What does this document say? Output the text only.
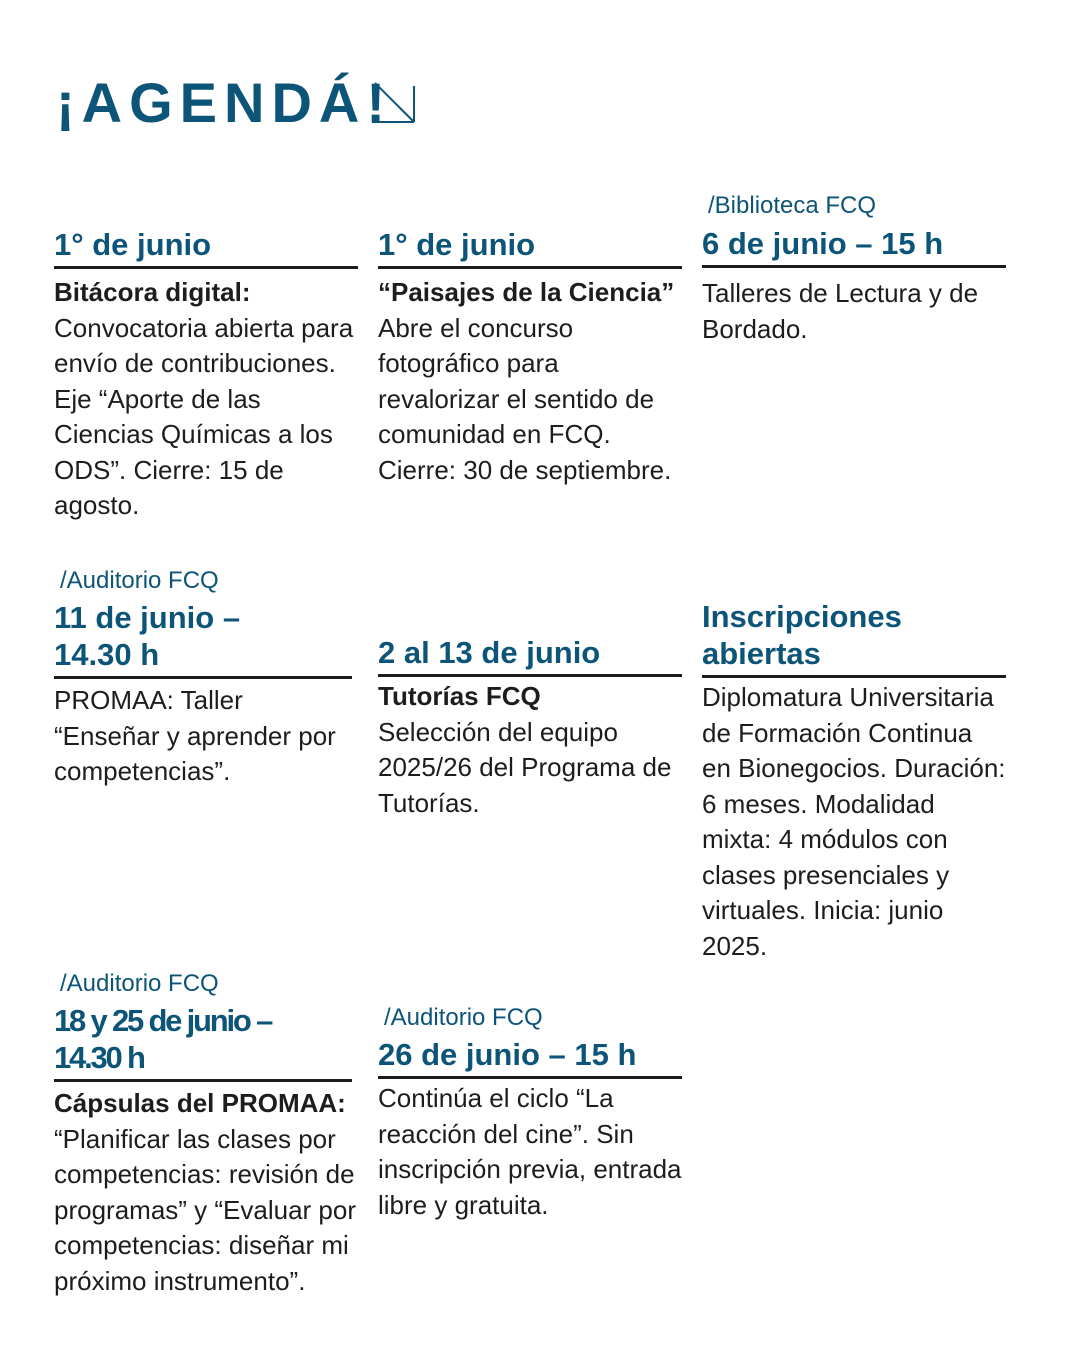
¡AGENDÁ!
1° de junio
Bitácora digital: Convocatoria abierta para envío de contribuciones. Eje “Aporte de las Ciencias Químicas a los ODS”. Cierre: 15 de agosto.
1° de junio
“Paisajes de la Ciencia” Abre el concurso fotográfico para revalorizar el sentido de comunidad en FCQ. Cierre: 30 de septiembre.
/Biblioteca FCQ
6 de junio – 15 h
Talleres de Lectura y de Bordado.
/Auditorio FCQ
11 de junio –
14.30 h
PROMAA: Taller “Enseñar y aprender por competencias”.
2 al 13 de junio
Tutorías FCQ
Selección del equipo 2025/26 del Programa de Tutorías.
Inscripciones
abiertas
Diplomatura Universitaria de Formación Continua en Bionegocios. Duración: 6 meses. Modalidad mixta: 4 módulos con clases presenciales y virtuales. Inicia: junio 2025.
/Auditorio FCQ
18 y 25 de junio –
14.30 h
Cápsulas del PROMAA: “Planificar las clases por competencias: revisión de programas” y “Evaluar por competencias: diseñar mi próximo instrumento”.
/Auditorio FCQ
26 de junio – 15 h
Continúa el ciclo “La reacción del cine”. Sin inscripción previa, entrada libre y gratuita.
